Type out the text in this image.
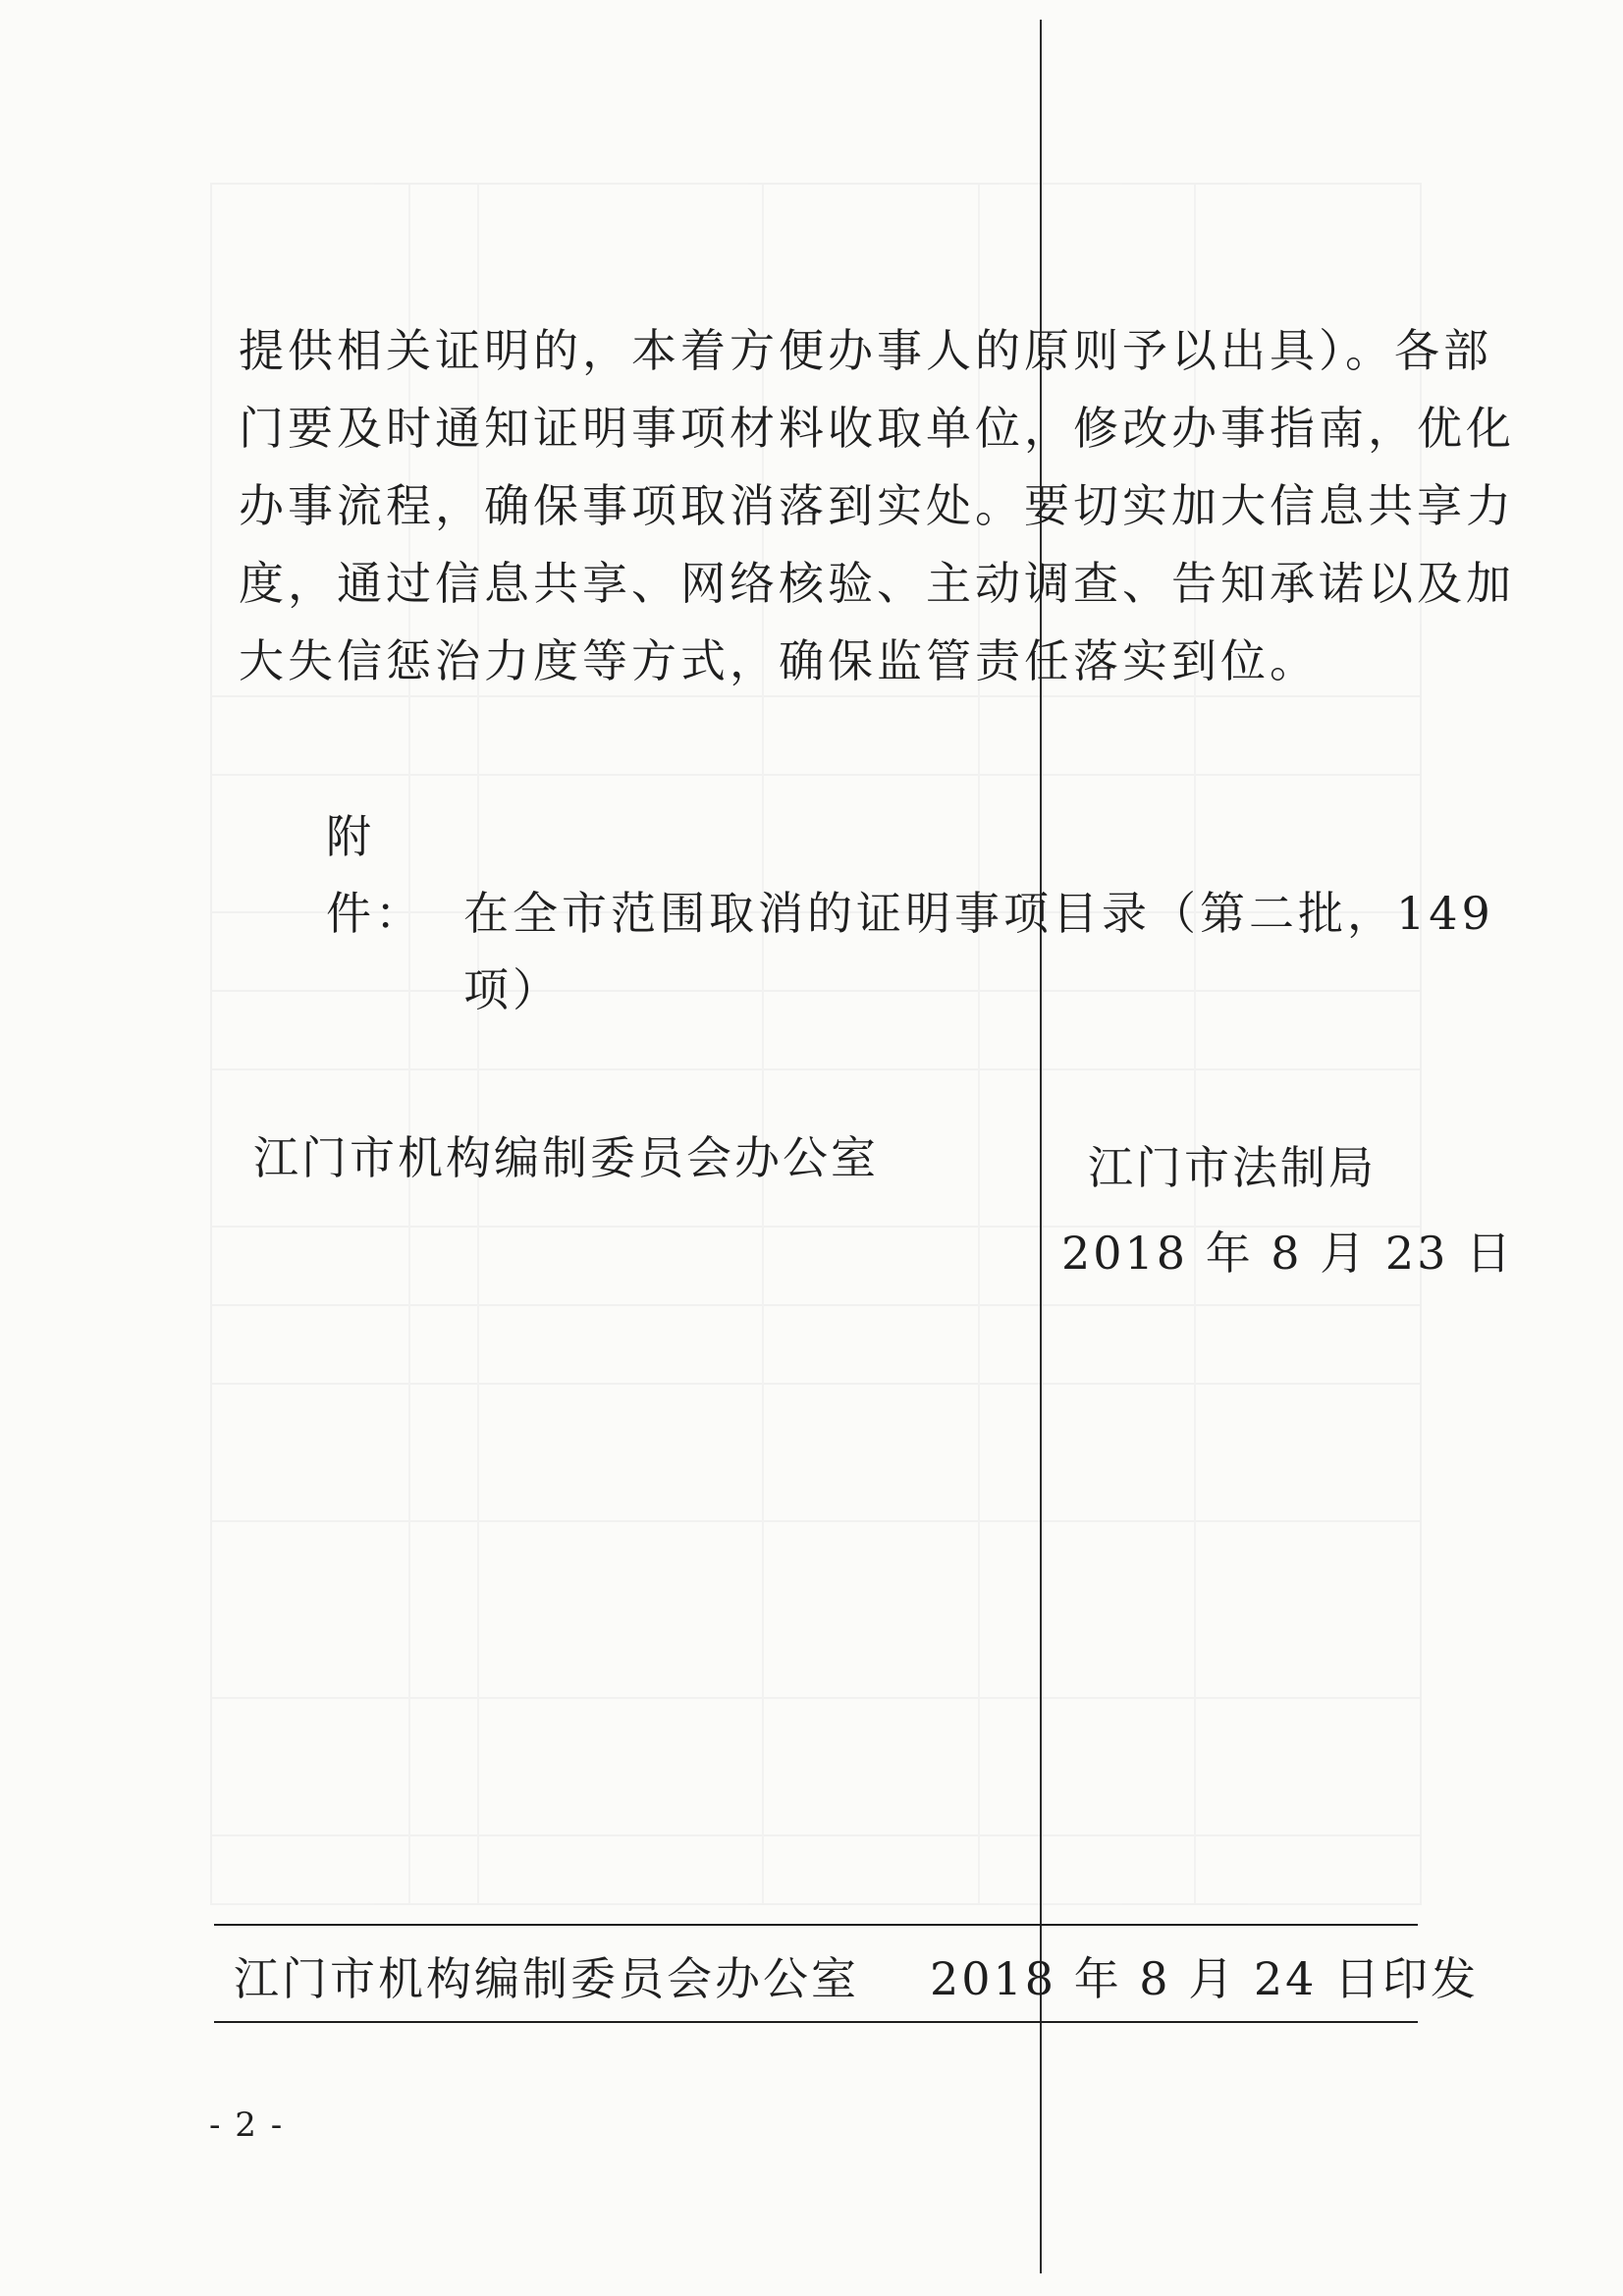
提供相关证明的，本着方便办事人的原则予以出具）。各部
门要及时通知证明事项材料收取单位，修改办事指南，优化
办事流程，确保事项取消落到实处。要切实加大信息共享力
度，通过信息共享、网络核验、主动调查、告知承诺以及加
大失信惩治力度等方式，确保监管责任落实到位。
附件： 在全市范围取消的证明事项目录（第二批，149
项）
江门市机构编制委员会办公室	江门市法制局
2018 年 8 月 23 日
江门市机构编制委员会办公室 2018 年 8 月 24 日印发
- 2 -
